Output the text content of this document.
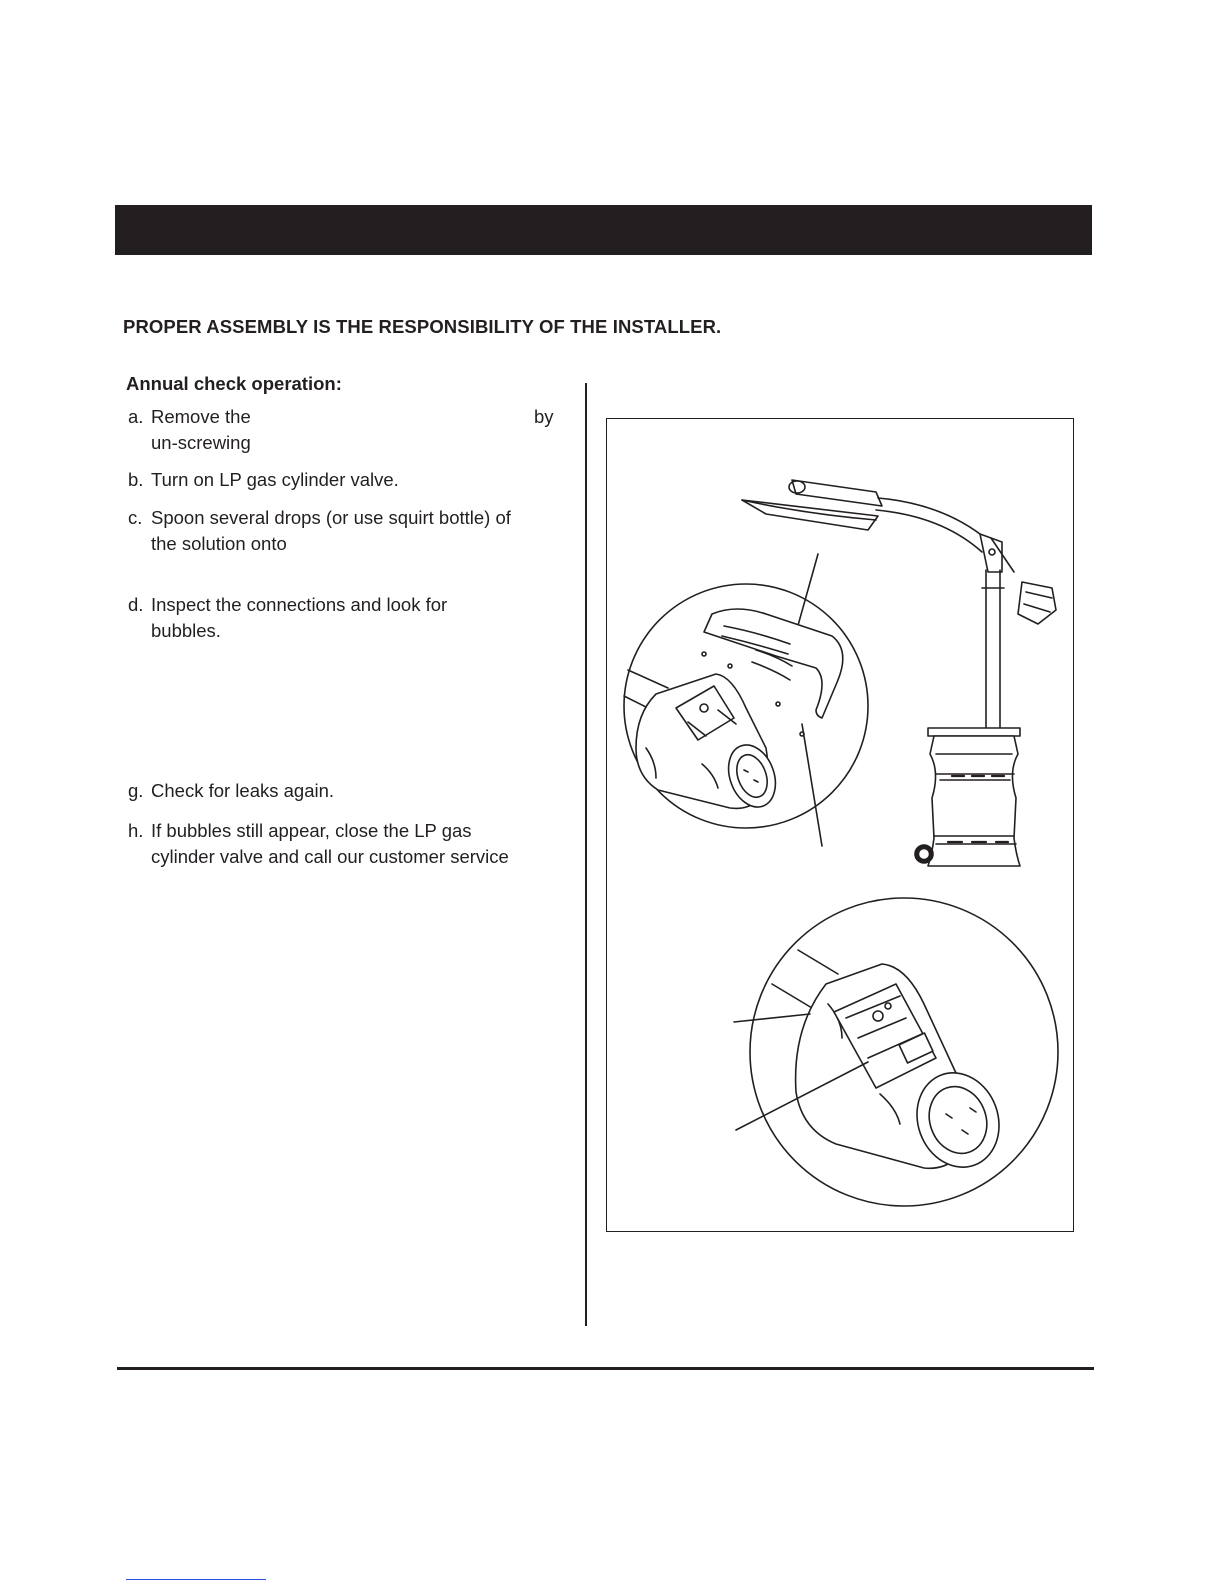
PROPER ASSEMBLY IS THE RESPONSIBILITY OF THE INSTALLER.
Annual check operation:
a. Remove the	by
un-screwing
b. Turn on LP gas cylinder valve.
c. Spoon several drops (or use squirt bottle) of
the solution onto
d. Inspect the connections and look for
bubbles.
g. Check for leaks again.
h. If bubbles still appear, close the LP gas
cylinder valve and call our customer service
